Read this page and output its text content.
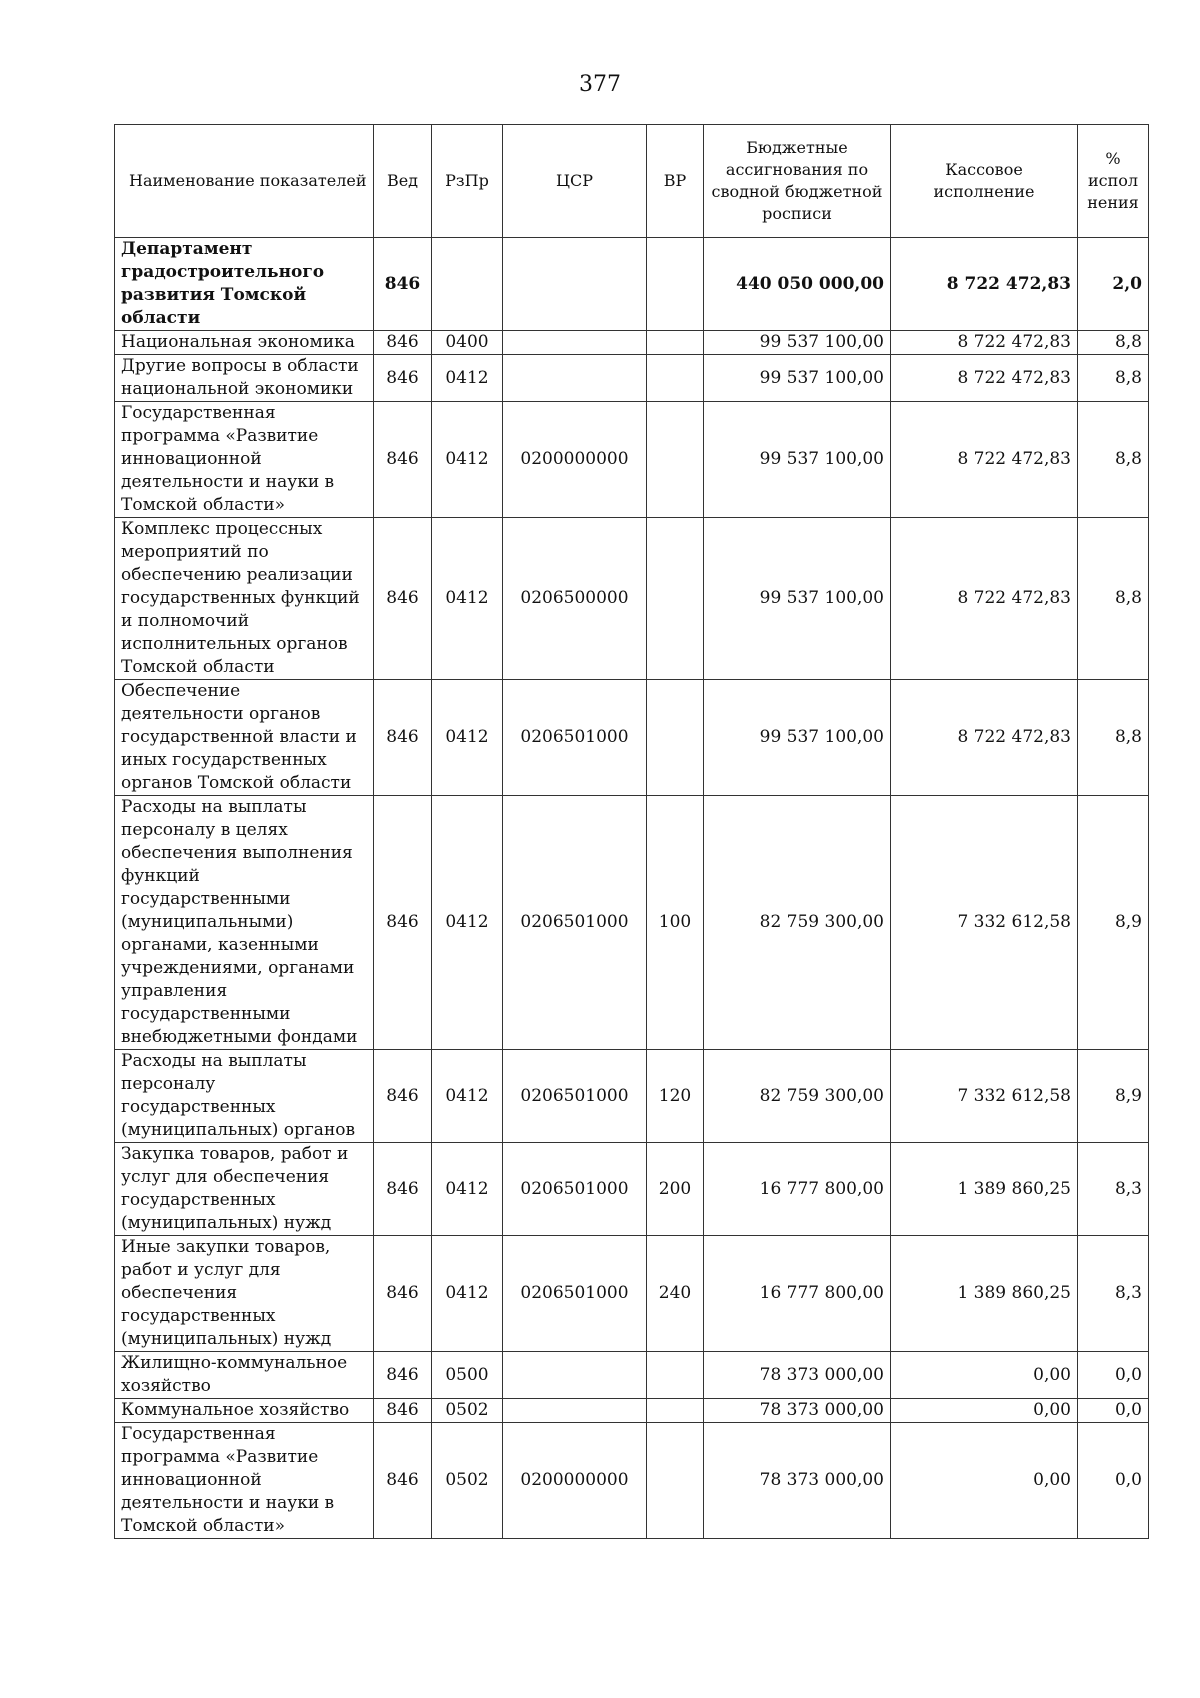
377
Наименование показателей	Вед	РзПр	ЦСР	ВР	Бюджетные ассигнования по сводной бюджетной росписи	Кассовое исполнение	% испол нения
Департамент градостроительного развития Томской области	846				440 050 000,00	8 722 472,83	2,0
Национальная экономика	846	0400			99 537 100,00	8 722 472,83	8,8
Другие вопросы в области национальной экономики	846	0412			99 537 100,00	8 722 472,83	8,8
Государственная программа «Развитие инновационной деятельности и науки в Томской области»	846	0412	0200000000		99 537 100,00	8 722 472,83	8,8
Комплекс процессных мероприятий по обеспечению реализации государственных функций и полномочий исполнительных органов Томской области	846	0412	0206500000		99 537 100,00	8 722 472,83	8,8
Обеспечение деятельности органов государственной власти и иных государственных органов Томской области	846	0412	0206501000		99 537 100,00	8 722 472,83	8,8
Расходы на выплаты персоналу в целях обеспечения выполнения функций государственными (муниципальными) органами, казенными учреждениями, органами управления государственными внебюджетными фондами	846	0412	0206501000	100	82 759 300,00	7 332 612,58	8,9
Расходы на выплаты персоналу государственных (муниципальных) органов	846	0412	0206501000	120	82 759 300,00	7 332 612,58	8,9
Закупка товаров, работ и услуг для обеспечения государственных (муниципальных) нужд	846	0412	0206501000	200	16 777 800,00	1 389 860,25	8,3
Иные закупки товаров, работ и услуг для обеспечения государственных (муниципальных) нужд	846	0412	0206501000	240	16 777 800,00	1 389 860,25	8,3
Жилищно-коммунальное хозяйство	846	0500			78 373 000,00	0,00	0,0
Коммунальное хозяйство	846	0502			78 373 000,00	0,00	0,0
Государственная программа «Развитие инновационной деятельности и науки в Томской области»	846	0502	0200000000		78 373 000,00	0,00	0,0
